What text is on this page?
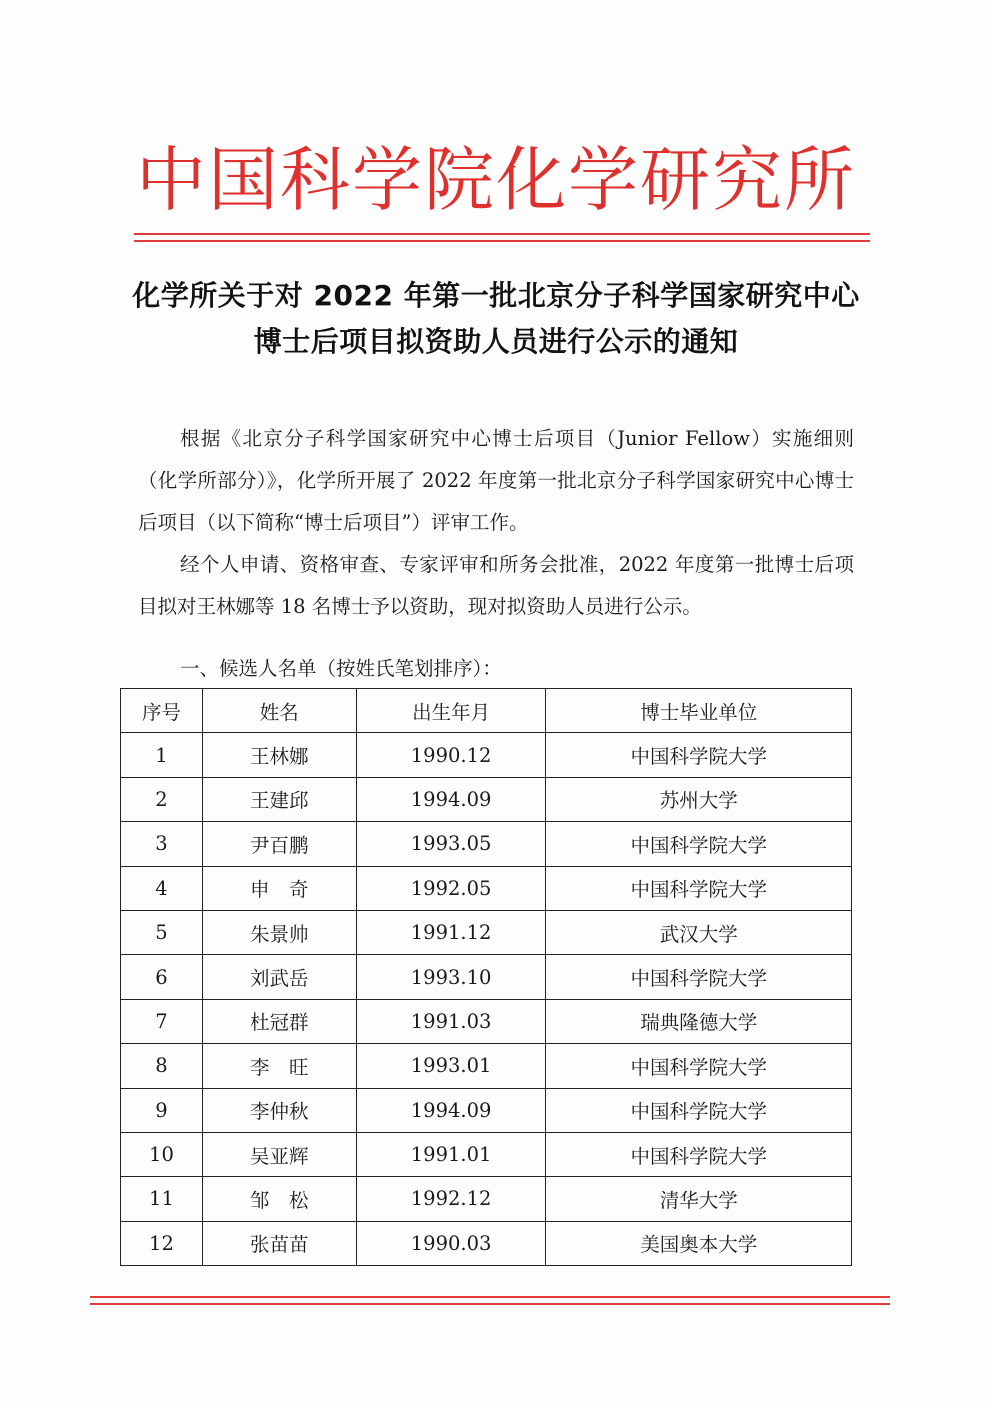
中国科学院化学研究所
化学所关于对 2022 年第一批北京分子科学国家研究中心
博士后项目拟资助人员进行公示的通知
根据《北京分子科学国家研究中心博士后项目（Junior Fellow）实施细则（化学所部分）》，化学所开展了 2022 年度第一批北京分子科学国家研究中心博士后项目（以下简称“博士后项目”）评审工作。
经个人申请、资格审查、专家评审和所务会批准，2022 年度第一批博士后项目拟对王林娜等 18 名博士予以资助，现对拟资助人员进行公示。
一、候选人名单（按姓氏笔划排序）：
序号	姓名	出生年月	博士毕业单位
1	王林娜	1990.12	中国科学院大学
2	王建邱	1994.09	苏州大学
3	尹百鹏	1993.05	中国科学院大学
4	申　奇	1992.05	中国科学院大学
5	朱景帅	1991.12	武汉大学
6	刘武岳	1993.10	中国科学院大学
7	杜冠群	1991.03	瑞典隆德大学
8	李　旺	1993.01	中国科学院大学
9	李仲秋	1994.09	中国科学院大学
10	吴亚辉	1991.01	中国科学院大学
11	邹　松	1992.12	清华大学
12	张苗苗	1990.03	美国奥本大学
